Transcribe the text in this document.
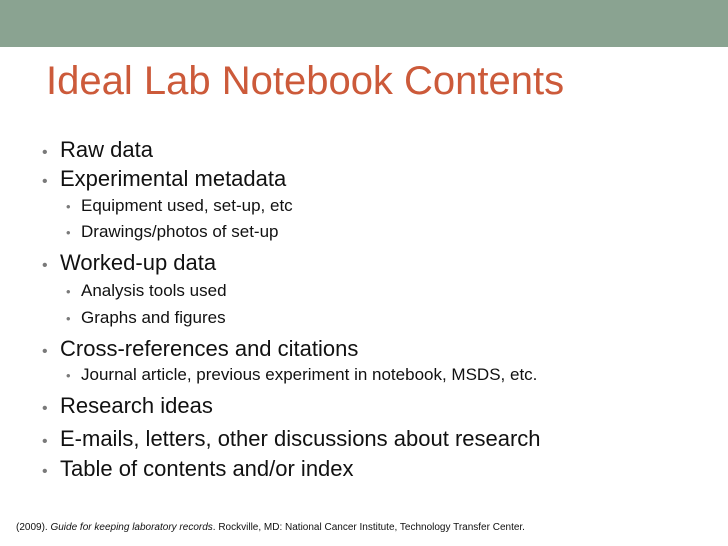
Ideal Lab Notebook Contents
• Raw data
• Experimental metadata
• Equipment used, set-up, etc
• Drawings/photos of set-up
• Worked-up data
• Analysis tools used
• Graphs and figures
• Cross-references and citations
• Journal article, previous experiment in notebook, MSDS, etc.
• Research ideas
• E-mails, letters, other discussions about research
• Table of contents and/or index
(2009). Guide for keeping laboratory records. Rockville, MD: National Cancer Institute, Technology Transfer Center.
